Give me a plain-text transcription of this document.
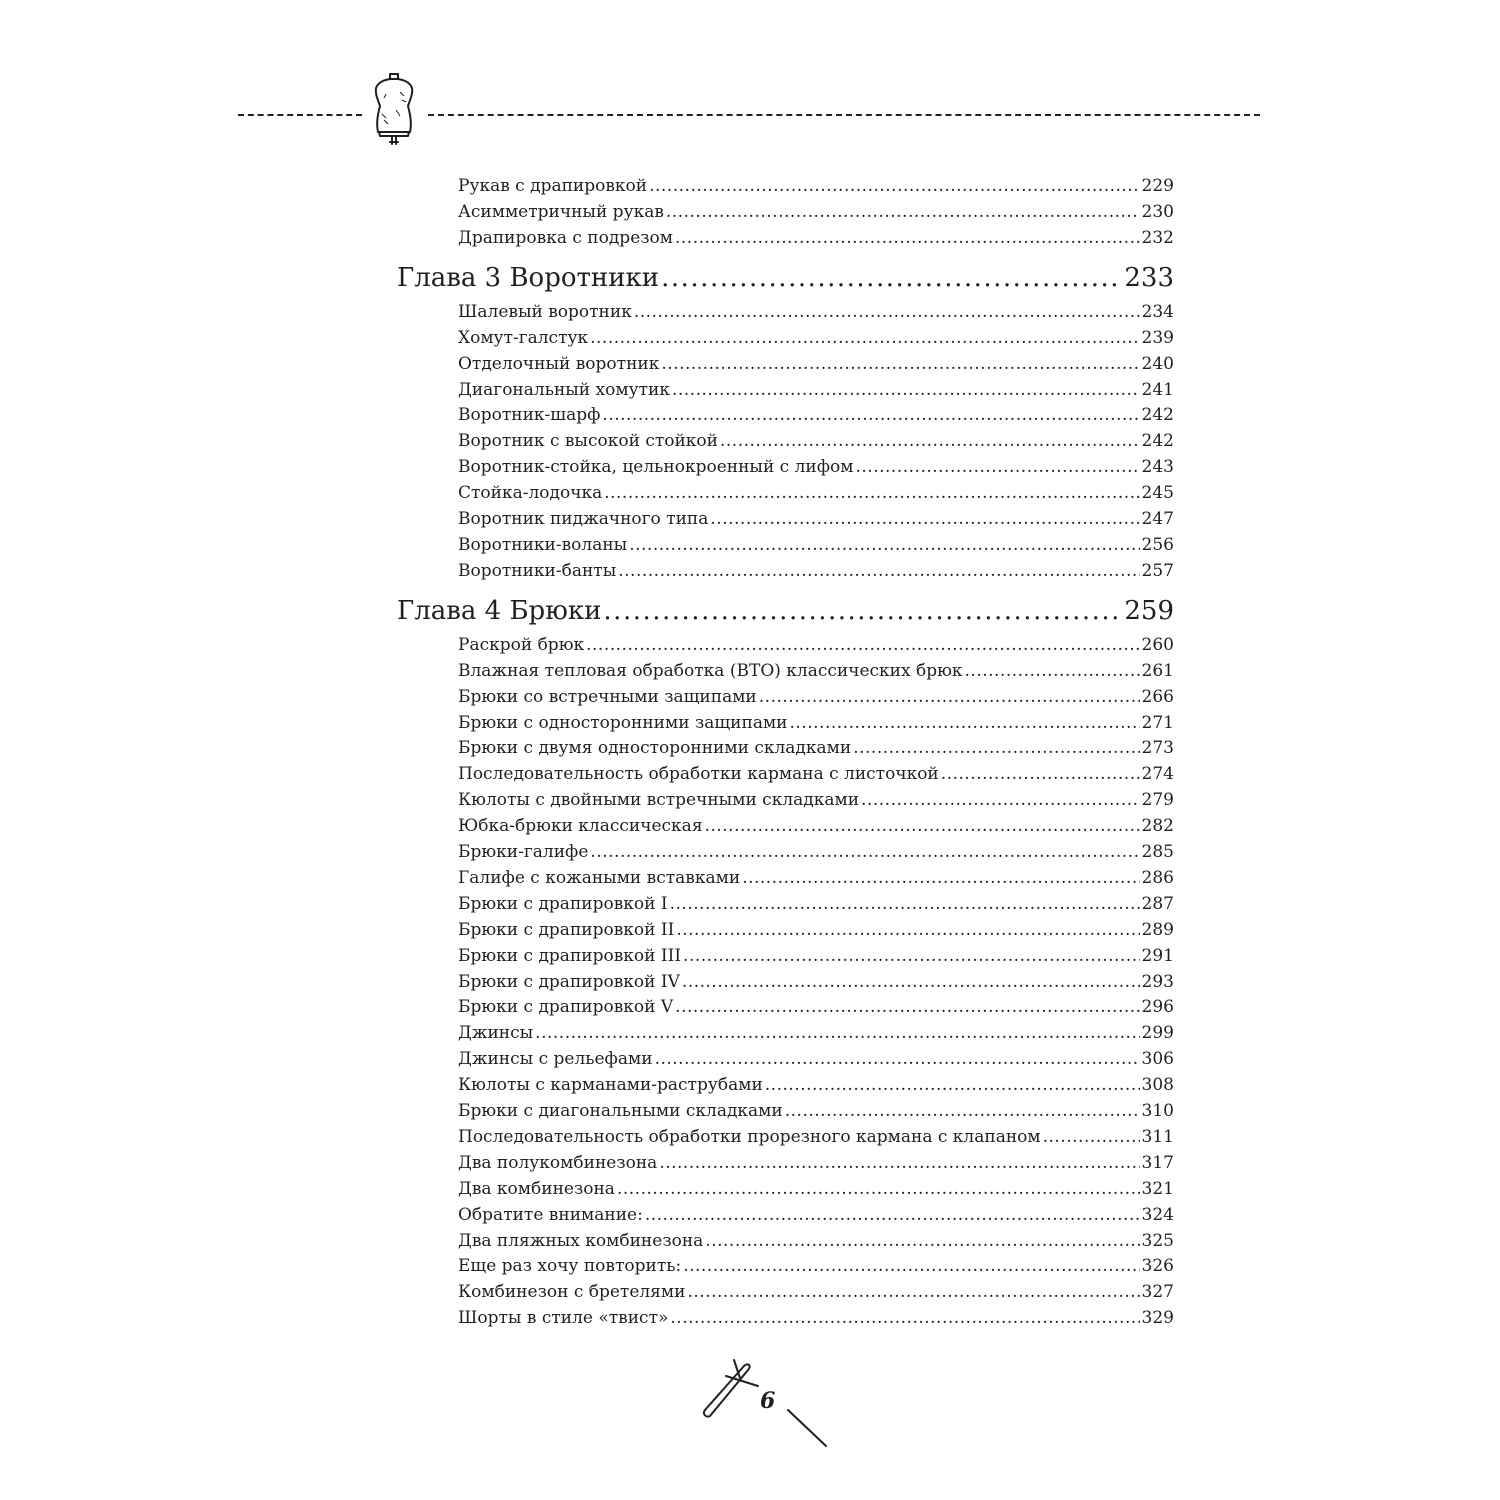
Рукав с драпировкой .....	229
Асимметричный рукав .....	230
Драпировка с подрезом .....	232
Глава 3 Воротники .....	233
Шалевый воротник .....	234
Хомут-галстук .....	239
Отделочный воротник .....	240
Диагональный хомутик .....	241
Воротник-шарф .....	242
Воротник с высокой стойкой .....	242
Воротник-стойка, цельнокроенный с лифом .....	243
Стойка-лодочка .....	245
Воротник пиджачного типа .....	247
Воротники-воланы .....	256
Воротники-банты .....	257
Глава 4 Брюки .....	259
Раскрой брюк .....	260
Влажная тепловая обработка (ВТО) классических брюк .....	261
Брюки со встречными защипами .....	266
Брюки с односторонними защипами .....	271
Брюки с двумя односторонними складками .....	273
Последовательность обработки кармана с листочкой .....	274
Кюлоты с двойными встречными складками .....	279
Юбка-брюки классическая .....	282
Брюки-галифе .....	285
Галифе с кожаными вставками .....	286
Брюки с драпировкой I .....	287
Брюки с драпировкой II .....	289
Брюки с драпировкой III .....	291
Брюки с драпировкой IV .....	293
Брюки с драпировкой V .....	296
Джинсы .....	299
Джинсы с рельефами .....	306
Кюлоты с карманами-раструбами .....	308
Брюки с диагональными складками .....	310
Последовательность обработки прорезного кармана с клапаном .....	311
Два полукомбинезона .....	317
Два комбинезона .....	321
Обратите внимание: .....	324
Два пляжных комбинезона .....	325
Еще раз хочу повторить: .....	326
Комбинезон с бретелями .....	327
Шорты в стиле «твист» .....	329
6
